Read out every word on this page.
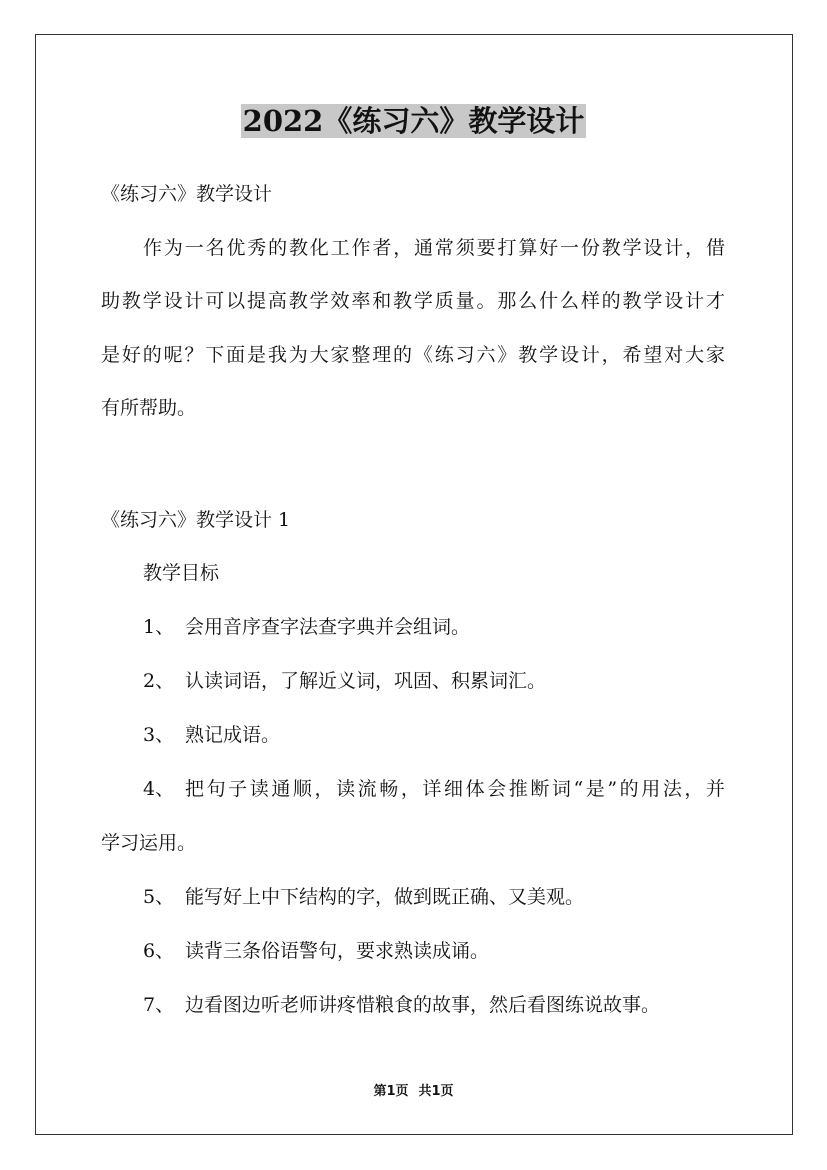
2022《练习六》教学设计

《练习六》教学设计

作为一名优秀的教化工作者，通常须要打算好一份教学设计，借

助教学设计可以提高教学效率和教学质量。那么什么样的教学设计才

是好的呢？下面是我为大家整理的《练习六》教学设计，希望对大家

有所帮助。

《练习六》教学设计 1

教学目标

1、 会用音序查字法查字典并会组词。

2、 认读词语，了解近义词，巩固、积累词汇。

3、 熟记成语。

4、 把句子读通顺，读流畅，详细体会推断词“是”的用法，并

学习运用。

5、 能写好上中下结构的字，做到既正确、又美观。

6、 读背三条俗语警句，要求熟读成诵。

7、 边看图边听老师讲疼惜粮食的故事，然后看图练说故事。

第1页 共1页
